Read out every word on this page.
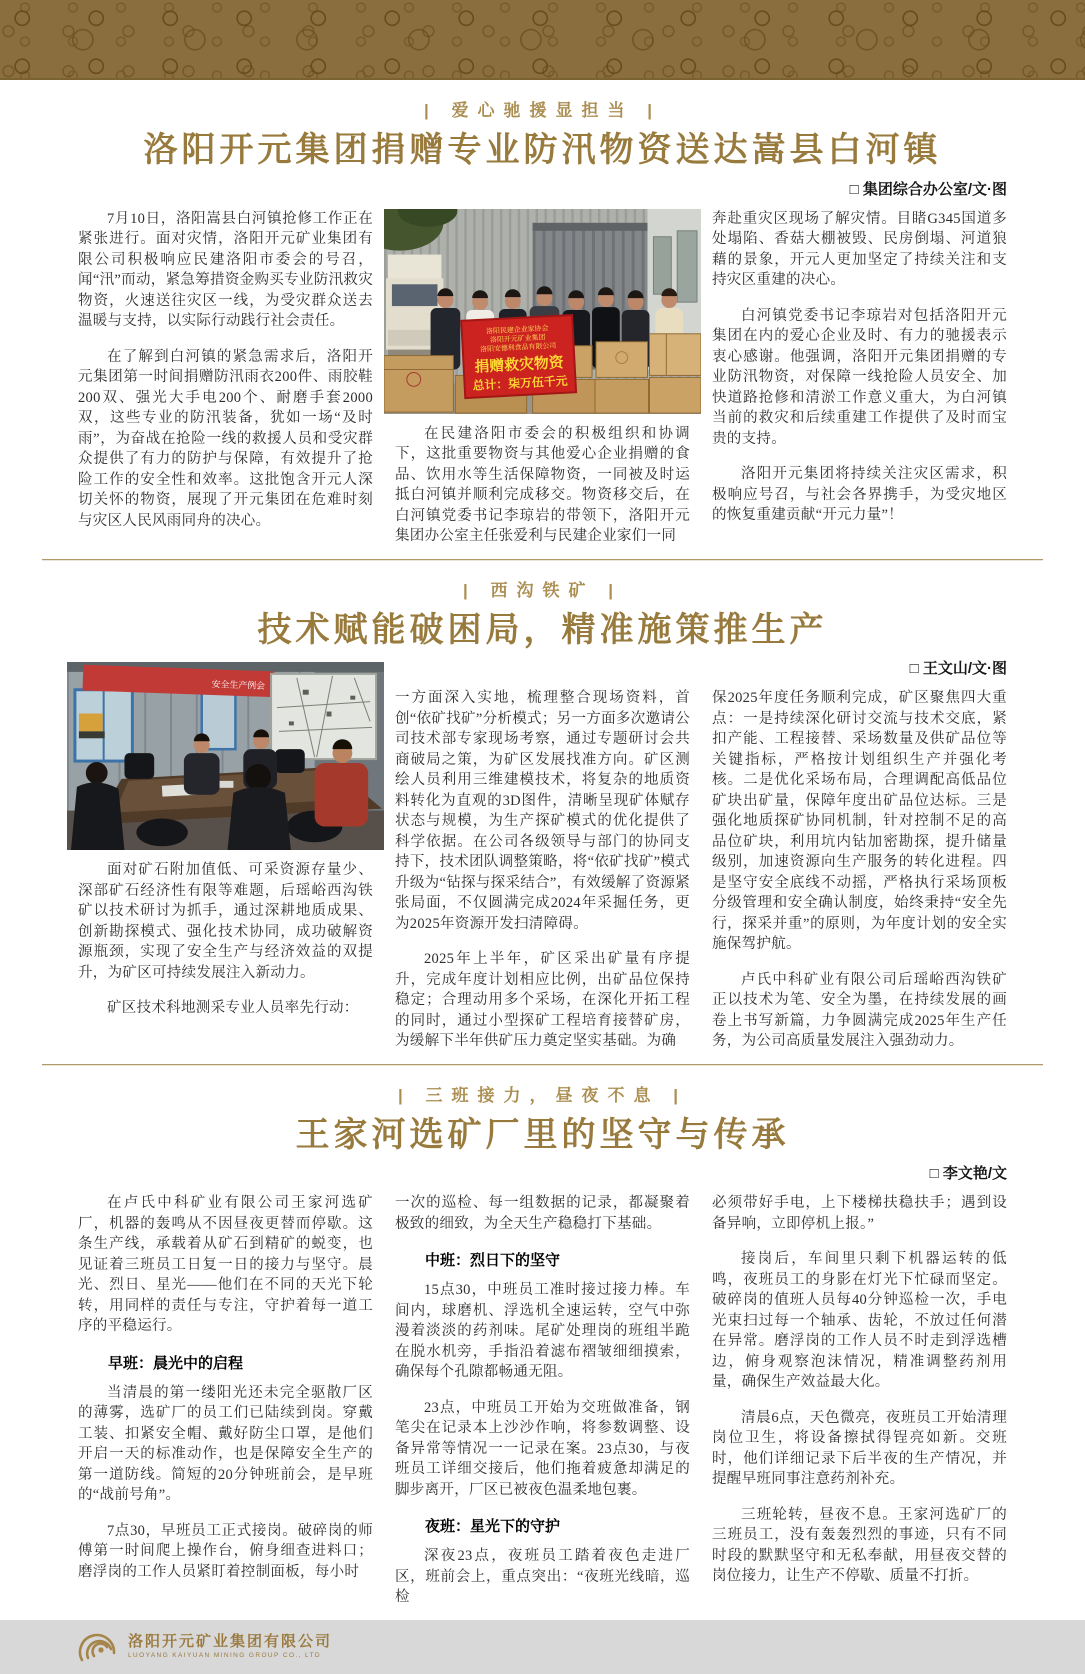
| 爱心驰援显担当 |
洛阳开元集团捐赠专业防汛物资送达嵩县白河镇
□ 集团综合办公室/文·图

7月10日，洛阳嵩县白河镇抢修工作正在紧张进行。面对灾情，洛阳开元矿业集团有限公司积极响应民建洛阳市委会的号召，闻“汛”而动，紧急筹措资金购买专业防汛救灾物资，火速送往灾区一线，为受灾群众送去温暖与支持，以实际行动践行社会责任。

在了解到白河镇的紧急需求后，洛阳开元集团第一时间捐赠防汛雨衣200件、雨胶鞋200双、强光大手电200个、耐磨手套2000双，这些专业的防汛装备，犹如一场“及时雨”，为奋战在抢险一线的救援人员和受灾群众提供了有力的防护与保障，有效提升了抢险工作的安全性和效率。这批饱含开元人深切关怀的物资，展现了开元集团在危难时刻与灾区人民风雨同舟的决心。

洛阳民建企业家协会
洛阳开元矿业集团
洛阳安德利食品有限公司
捐赠救灾物资
总计：柒万伍千元

在民建洛阳市委会的积极组织和协调下，这批重要物资与其他爱心企业捐赠的食品、饮用水等生活保障物资，一同被及时运抵白河镇并顺利完成移交。物资移交后，在白河镇党委书记李琼岩的带领下，洛阳开元集团办公室主任张爱利与民建企业家们一同

奔赴重灾区现场了解灾情。目睹G345国道多处塌陷、香菇大棚被毁、民房倒塌、河道狼藉的景象，开元人更加坚定了持续关注和支持灾区重建的决心。

白河镇党委书记李琼岩对包括洛阳开元集团在内的爱心企业及时、有力的驰援表示衷心感谢。他强调，洛阳开元集团捐赠的专业防汛物资，对保障一线抢险人员安全、加快道路抢修和清淤工作意义重大，为白河镇当前的救灾和后续重建工作提供了及时而宝贵的支持。

洛阳开元集团将持续关注灾区需求，积极响应号召，与社会各界携手，为受灾地区的恢复重建贡献“开元力量”！

| 西沟铁矿 |
技术赋能破困局，精准施策推生产
□ 王文山/文·图
安全生产例会

面对矿石附加值低、可采资源存量少、深部矿石经济性有限等难题，后瑶峪西沟铁矿以技术研讨为抓手，通过深耕地质成果、创新勘探模式、强化技术协同，成功破解资源瓶颈，实现了安全生产与经济效益的双提升，为矿区可持续发展注入新动力。

矿区技术科地测采专业人员率先行动：

一方面深入实地，梳理整合现场资料，首创“依矿找矿”分析模式；另一方面多次邀请公司技术部专家现场考察，通过专题研讨会共商破局之策，为矿区发展找准方向。矿区测绘人员利用三维建模技术，将复杂的地质资料转化为直观的3D图件，清晰呈现矿体赋存状态与规模，为生产探矿模式的优化提供了科学依据。在公司各级领导与部门的协同支持下，技术团队调整策略，将“依矿找矿”模式升级为“钻探与探采结合”，有效缓解了资源紧张局面，不仅圆满完成2024年采掘任务，更为2025年资源开发扫清障碍。

2025年上半年，矿区采出矿量有序提升，完成年度计划相应比例，出矿品位保持稳定；合理动用多个采场，在深化开拓工程的同时，通过小型探矿工程培育接替矿房，为缓解下半年供矿压力奠定坚实基础。为确

保2025年度任务顺利完成，矿区聚焦四大重点：一是持续深化研讨交流与技术交底，紧扣产能、工程接替、采场数量及供矿品位等关键指标，严格按计划组织生产并强化考核。二是优化采场布局，合理调配高低品位矿块出矿量，保障年度出矿品位达标。三是强化地质探矿协同机制，针对控制不足的高品位矿块，利用坑内钻加密勘探，提升储量级别，加速资源向生产服务的转化进程。四是坚守安全底线不动摇，严格执行采场顶板分级管理和安全确认制度，始终秉持“安全先行，探采并重”的原则，为年度计划的安全实施保驾护航。

卢氏中科矿业有限公司后瑶峪西沟铁矿正以技术为笔、安全为墨，在持续发展的画卷上书写新篇，力争圆满完成2025年生产任务，为公司高质量发展注入强劲动力。

| 三班接力，昼夜不息 |
王家河选矿厂里的坚守与传承
□ 李文艳/文

在卢氏中科矿业有限公司王家河选矿厂，机器的轰鸣从不因昼夜更替而停歇。这条生产线，承载着从矿石到精矿的蜕变，也见证着三班员工日复一日的接力与坚守。晨光、烈日、星光——他们在不同的天光下轮转，用同样的责任与专注，守护着每一道工序的平稳运行。

早班：晨光中的启程

当清晨的第一缕阳光还未完全驱散厂区的薄雾，选矿厂的员工们已陆续到岗。穿戴工装、扣紧安全帽、戴好防尘口罩，是他们开启一天的标准动作，也是保障安全生产的第一道防线。简短的20分钟班前会，是早班的“战前号角”。

7点30，早班员工正式接岗。破碎岗的师傅第一时间爬上操作台，俯身细查进料口；磨浮岗的工作人员紧盯着控制面板，每小时

一次的巡检、每一组数据的记录，都凝聚着极致的细致，为全天生产稳稳打下基础。

中班：烈日下的坚守

15点30，中班员工准时接过接力棒。车间内，球磨机、浮选机全速运转，空气中弥漫着淡淡的药剂味。尾矿处理岗的班组半跪在脱水机旁，手指沿着滤布褶皱细细摸索，确保每个孔隙都畅通无阻。

23点，中班员工开始为交班做准备，钢笔尖在记录本上沙沙作响，将参数调整、设备异常等情况一一记录在案。23点30，与夜班员工详细交接后，他们拖着疲惫却满足的脚步离开，厂区已被夜色温柔地包裹。

夜班：星光下的守护

深夜23点，夜班员工踏着夜色走进厂区，班前会上，重点突出：“夜班光线暗，巡检

必须带好手电，上下楼梯扶稳扶手；遇到设备异响，立即停机上报。”

接岗后，车间里只剩下机器运转的低鸣，夜班员工的身影在灯光下忙碌而坚定。破碎岗的值班人员每40分钟巡检一次，手电光束扫过每一个轴承、齿轮，不放过任何潜在异常。磨浮岗的工作人员不时走到浮选槽边，俯身观察泡沫情况，精准调整药剂用量，确保生产效益最大化。

清晨6点，天色微亮，夜班员工开始清理岗位卫生，将设备擦拭得锃亮如新。交班时，他们详细记录下后半夜的生产情况，并提醒早班同事注意药剂补充。

三班轮转，昼夜不息。王家河选矿厂的三班员工，没有轰轰烈烈的事迹，只有不同时段的默默坚守和无私奉献，用昼夜交替的岗位接力，让生产不停歇、质量不打折。

洛阳开元矿业集团有限公司
LUOYANG KAIYUAN MINING GROUP CO., LTD
